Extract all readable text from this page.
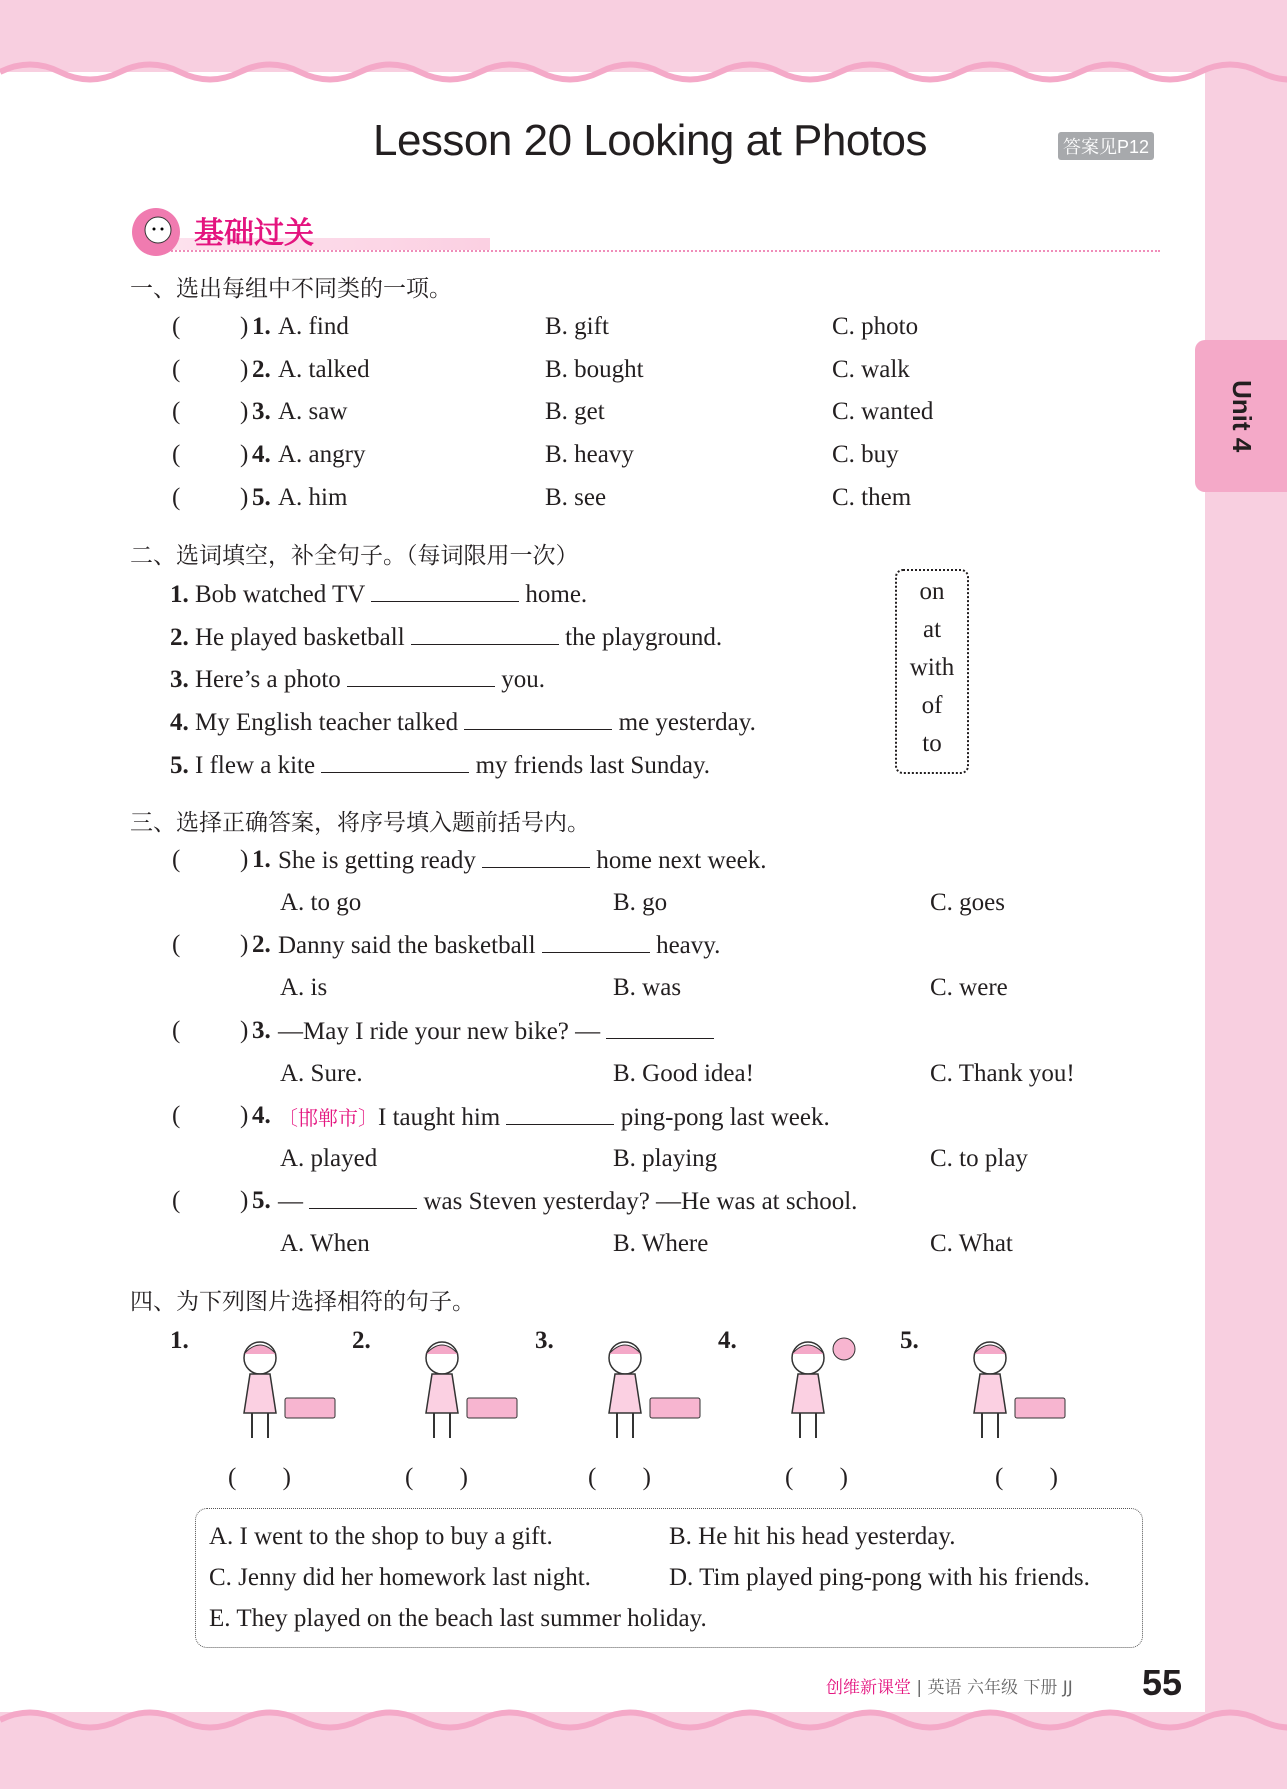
Unit 4
Lesson 20 Looking at Photos	答案见P12
基础过关
一、选出每组中不同类的一项。
( ) 1. A. find	B. gift	C. photo
( ) 2. A. talked	B. bought	C. walk
( ) 3. A. saw	B. get	C. wanted
( ) 4. A. angry	B. heavy	C. buy
( ) 5. A. him	B. see	C. them
二、选词填空，补全句子。（每词限用一次）
1. Bob watched TV	home.
2. He played basketball	the playground.
3. Here’s a photo	you.
4. My English teacher talked	me yesterday.
5. I flew a kite	my friends last Sunday.
on
at
with
of
to
三、选择正确答案，将序号填入题前括号内。
( ) 1. She is getting ready	home next week.
A. to go	B. go	C. goes
( ) 2. Danny said the basketball	heavy.
A. is	B. was	C. were
( ) 3. —May I ride your new bike? —
A. Sure.	B. Good idea!	C. Thank you!
( ) 4. 〔邯郸市〕I taught him	ping-pong last week.
A. played	B. playing	C. to play
( ) 5. —	was Steven yesterday? —He was at school.
A. When	B. Where	C. What
四、为下列图片选择相符的句子。
1.
( )
2.
( )
3.
( )
4.
( )
5.
( )
A. I went to the shop to buy a gift.	B. He hit his head yesterday.
C. Jenny did her homework last night.	D. Tim played ping-pong with his friends.
E. They played on the beach last summer holiday.
创维新课堂 | 英语 六年级 下册 JJ 55
